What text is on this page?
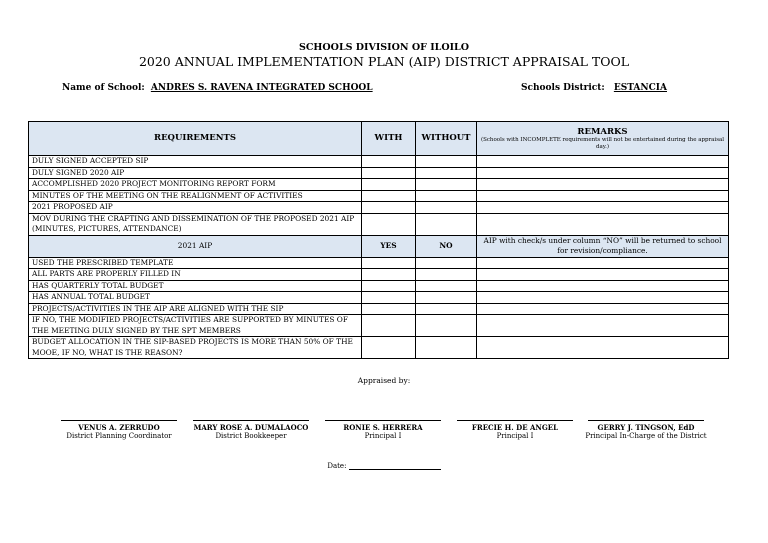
SCHOOLS DIVISION OF ILOILO
2020 ANNUAL IMPLEMENTATION PLAN (AIP) DISTRICT APPRAISAL TOOL
Name of School: ANDRES S. RAVENA INTEGRATED SCHOOL	Schools District: ESTANCIA
REQUIREMENTS	WITH	WITHOUT	REMARKS
(Schools with INCOMPLETE requirements will not be entertained during the appraisal day.)

DULY SIGNED ACCEPTED SIP			
DULY SIGNED 2020 AIP			
ACCOMPLISHED 2020 PROJECT MONITORING REPORT FORM			
MINUTES OF THE MEETING ON THE REALIGNMENT OF ACTIVITIES			
2021 PROPOSED AIP			
MOV DURING THE CRAFTING AND DISSEMINATION OF THE PROPOSED 2021 AIP (MINUTES, PICTURES, ATTENDANCE)			
2021 AIP	YES	NO	AIP with check/s under column “NO” will be returned to school for revision/compliance.
USED THE PRESCRIBED TEMPLATE			
ALL PARTS ARE PROPERLY FILLED IN			
HAS QUARTERLY TOTAL BUDGET			
HAS ANNUAL TOTAL BUDGET			
PROJECTS/ACTIVITIES IN THE AIP ARE ALIGNED WITH THE SIP			
IF NO, THE MODIFIED PROJECTS/ACTIVITIES ARE SUPPORTED BY MINUTES OF THE MEETING DULY SIGNED BY THE SPT MEMBERS			
BUDGET ALLOCATION IN THE SIP-BASED PROJECTS IS MORE THAN 50% OF THE MOOE, IF NO, WHAT IS THE REASON?			
Appraised by:
VENUS A. ZERRUDO
District Planning Coordinator
MARY ROSE A. DUMALAOCO
District Bookkeeper
RONIE S. HERRERA
Principal I
FRECIE H. DE ANGEL
Principal I
GERRY J. TINGSON, EdD
Principal In-Charge of the District
Date:
